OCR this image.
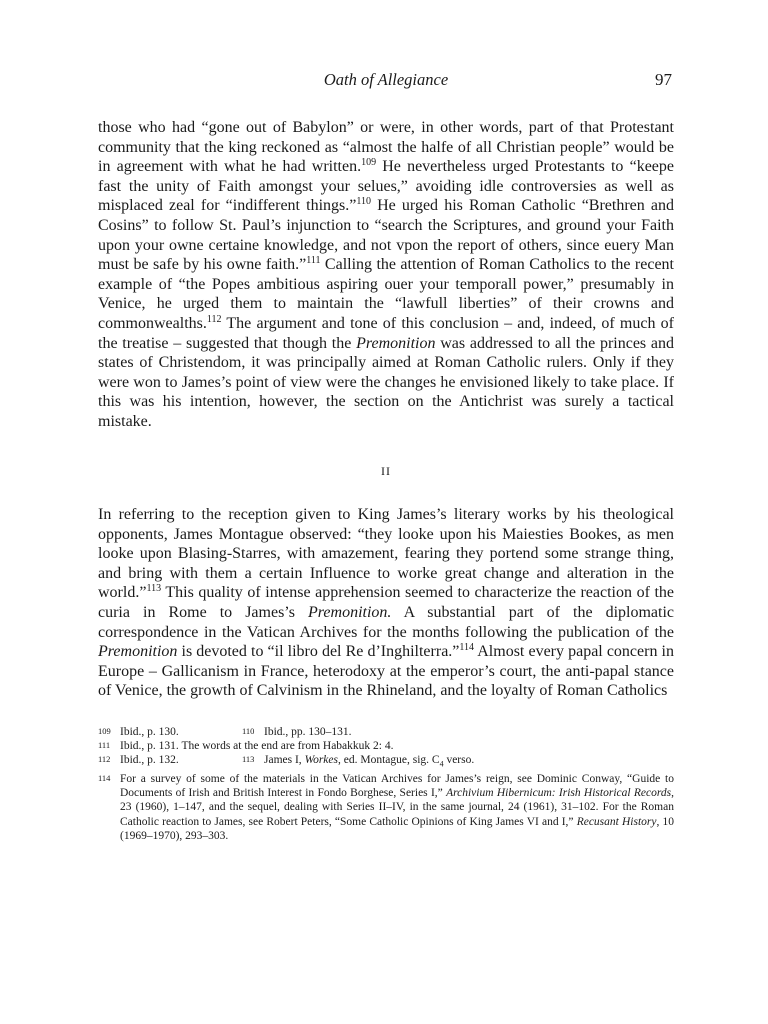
Oath of Allegiance	97

those who had “gone out of Babylon” or were, in other words, part of that Protestant community that the king reckoned as “almost the halfe of all Christian people” would be in agreement with what he had written.$^{109}$ He nevertheless urged Protestants to “keepe fast the unity of Faith amongst your selues,” avoiding idle controversies as well as misplaced zeal for “indifferent things.”$^{110}$ He urged his Roman Catholic “Brethren and Cosins” to follow St. Paul’s injunction to “search the Scriptures, and ground your Faith upon your owne certaine knowledge, and not vpon the report of others, since euery Man must be safe by his owne faith.”$^{111}$ Calling the attention of Roman Catholics to the recent example of “the Popes ambitious aspiring ouer your temporall power,” presumably in Venice, he urged them to maintain the “lawfull liberties” of their crowns and commonwealths.$^{112}$ The argument and tone of this conclusion – and, indeed, of much of the treatise – suggested that though the Premonition was addressed to all the princes and states of Christendom, it was principally aimed at Roman Catholic rulers. Only if they were won to James’s point of view were the changes he envisioned likely to take place. If this was his intention, however, the section on the Antichrist was surely a tactical mistake.

II

In referring to the reception given to King James’s literary works by his theological opponents, James Montague observed: “they looke upon his Maiesties Bookes, as men looke upon Blasing-Starres, with amazement, fearing they portend some strange thing, and bring with them a certain Influence to worke great change and alteration in the world.”$^{113}$ This quality of intense apprehension seemed to characterize the reaction of the curia in Rome to James’s Premonition. A substantial part of the diplomatic correspondence in the Vatican Archives for the months following the publication of the Premonition is devoted to “il libro del Re d’Inghilterra.”$^{114}$ Almost every papal concern in Europe – Gallicanism in France, heterodoxy at the emperor’s court, the anti-papal stance of Venice, the growth of Calvinism in the Rhineland, and the loyalty of Roman Catholics

109 Ibid., p. 130.	110 Ibid., pp. 130–131.
111 Ibid., p. 131. The words at the end are from Habakkuk 2: 4.
112 Ibid., p. 132.	113 James I, Workes, ed. Montague, sig. $C_4$ verso.
114 For a survey of some of the materials in the Vatican Archives for James’s reign, see Dominic Conway, “Guide to Documents of Irish and British Interest in Fondo Borghese, Series I,” Archivium Hibernicum: Irish Historical Records, 23 (1960), 1–147, and the sequel, dealing with Series II–IV, in the same journal, 24 (1961), 31–102. For the Roman Catholic reaction to James, see Robert Peters, “Some Catholic Opinions of King James VI and I,” Recusant History, 10 (1969–1970), 293–303.
